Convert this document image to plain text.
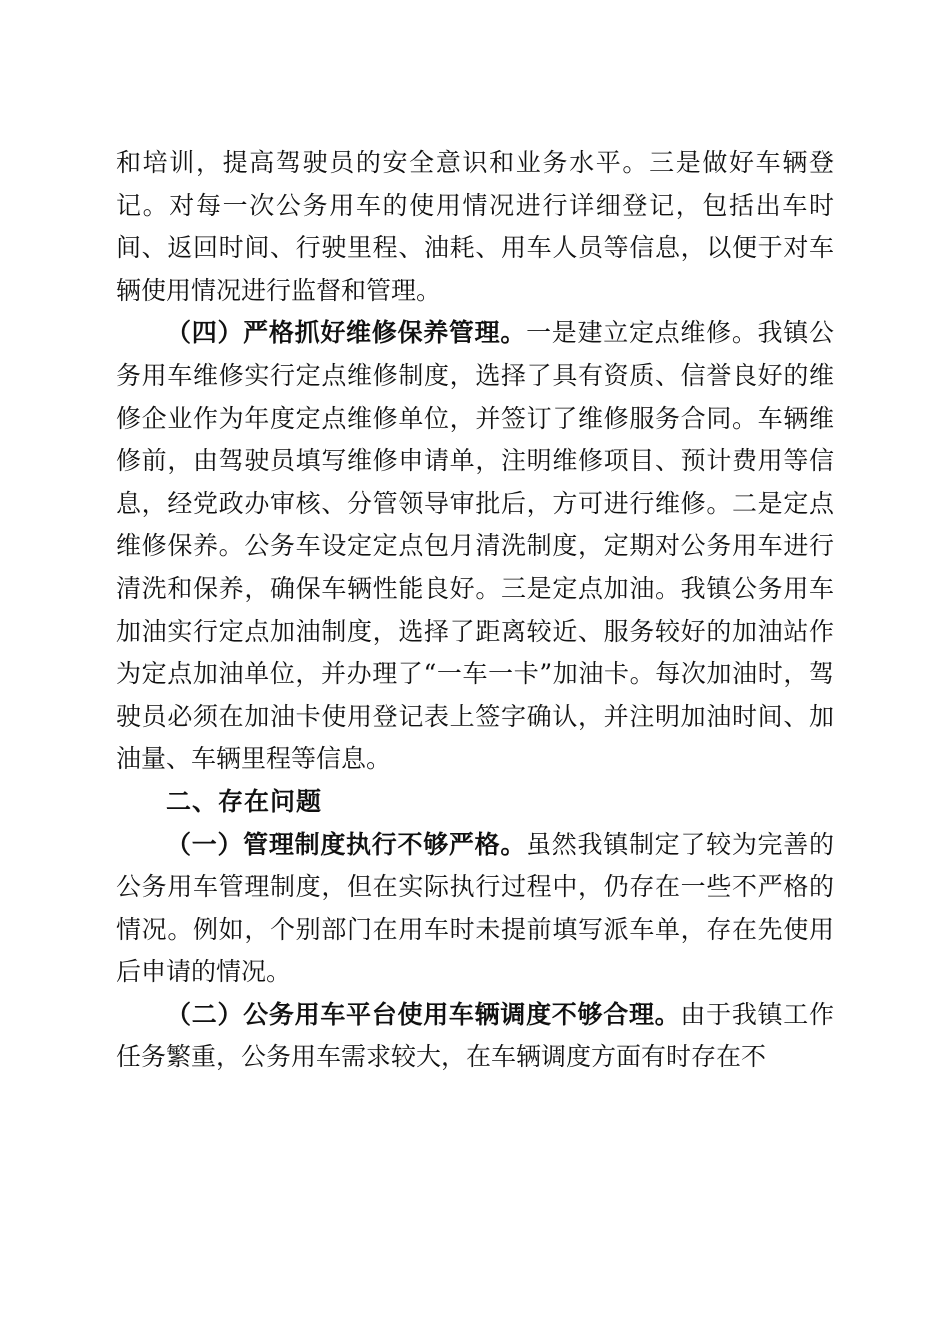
和培训，提高驾驶员的安全意识和业务水平。三是做好车辆登记。对每一次公务用车的使用情况进行详细登记，包括出车时间、返回时间、行驶里程、油耗、用车人员等信息，以便于对车辆使用情况进行监督和管理。

（四）严格抓好维修保养管理。一是建立定点维修。我镇公务用车维修实行定点维修制度，选择了具有资质、信誉良好的维修企业作为年度定点维修单位，并签订了维修服务合同。车辆维修前，由驾驶员填写维修申请单，注明维修项目、预计费用等信息，经党政办审核、分管领导审批后，方可进行维修。二是定点维修保养。公务车设定定点包月清洗制度，定期对公务用车进行清洗和保养，确保车辆性能良好。三是定点加油。我镇公务用车加油实行定点加油制度，选择了距离较近、服务较好的加油站作为定点加油单位，并办理了“一车一卡”加油卡。每次加油时，驾驶员必须在加油卡使用登记表上签字确认，并注明加油时间、加油量、车辆里程等信息。

二、存在问题

（一）管理制度执行不够严格。虽然我镇制定了较为完善的公务用车管理制度，但在实际执行过程中，仍存在一些不严格的情况。例如，个别部门在用车时未提前填写派车单，存在先使用后申请的情况。

（二）公务用车平台使用车辆调度不够合理。由于我镇工作任务繁重，公务用车需求较大，在车辆调度方面有时存在不
